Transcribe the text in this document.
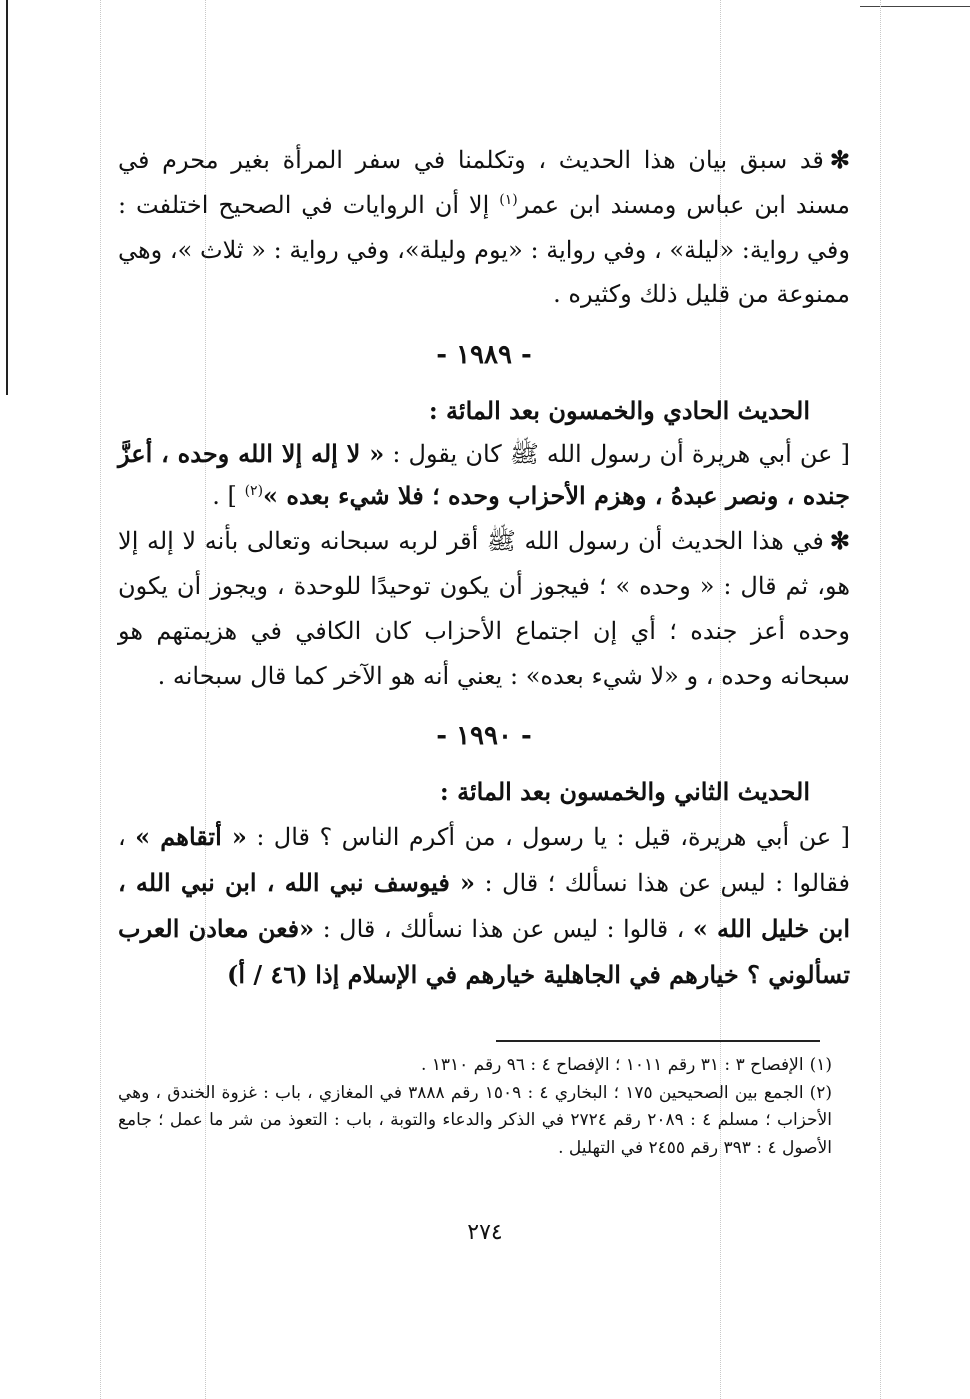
✻قد سبق بيان هذا الحديث ، وتكلمنا في سفر المرأة بغير محرم في مسند ابن عباس ومسند ابن عمر$^{(١)}$ إلا أن الروايات في الصحيح اختلفت : وفي رواية: «ليلة» ، وفي رواية : «يوم وليلة»، وفي رواية : « ثلاث »، وهي ممنوعة من قليل ذلك وكثيره .

- ١٩٨٩ -
الحديث الحادي والخمسون بعد المائة :

[ عن أبي هريرة أن رسول الله ﷺ كان يقول : « لا إله إلا الله وحده ، أعزَّ جنده ، ونصر عبدهُ ، وهزم الأحزاب وحده ؛ فلا شيء بعده »$^{(٢)}$ ] .

✻في هذا الحديث أن رسول الله ﷺ أقر لربه سبحانه وتعالى بأنه لا إله إلا هو، ثم قال : « وحده » ؛ فيجوز أن يكون توحيدًا للوحدة ، ويجوز أن يكون وحده أعز جنده ؛ أي إن اجتماع الأحزاب كان الكافي في هزيمتهم هو سبحانه وحده ، و «لا شيء بعده» : يعني أنه هو الآخر كما قال سبحانه .

- ١٩٩٠ -
الحديث الثاني والخمسون بعد المائة :

[ عن أبي هريرة، قيل : يا رسول ، من أكرم الناس ؟ قال : « أتقاهم » ، فقالوا : ليس عن هذا نسألك ؛ قال : « فيوسف نبي الله ، ابن نبي الله ، ابن خليل الله » ، قالوا : ليس عن هذا نسألك ، قال : «فعن معادن العرب تسألوني ؟ خيارهم في الجاهلية خيارهم في الإسلام إذا (٤٦ / أ)

(١)الإفصاح ٣ : ٣١ رقم ١٠١١ ؛ الإفصاح ٤ : ٩٦ رقم ١٣١٠ .

(٢)الجمع بين الصحيحين ١٧٥ ؛ البخاري ٤ : ١٥٠٩ رقم ٣٨٨٨ في المغازي ، باب : غزوة الخندق ، وهي الأحزاب ؛ مسلم ٤ : ٢٠٨٩ رقم ٢٧٢٤ في الذكر والدعاء والتوبة ، باب : التعوذ من شر ما عمل ؛ جامع الأصول ٤ : ٣٩٣ رقم ٢٤٥٥ في التهليل .

٢٧٤
